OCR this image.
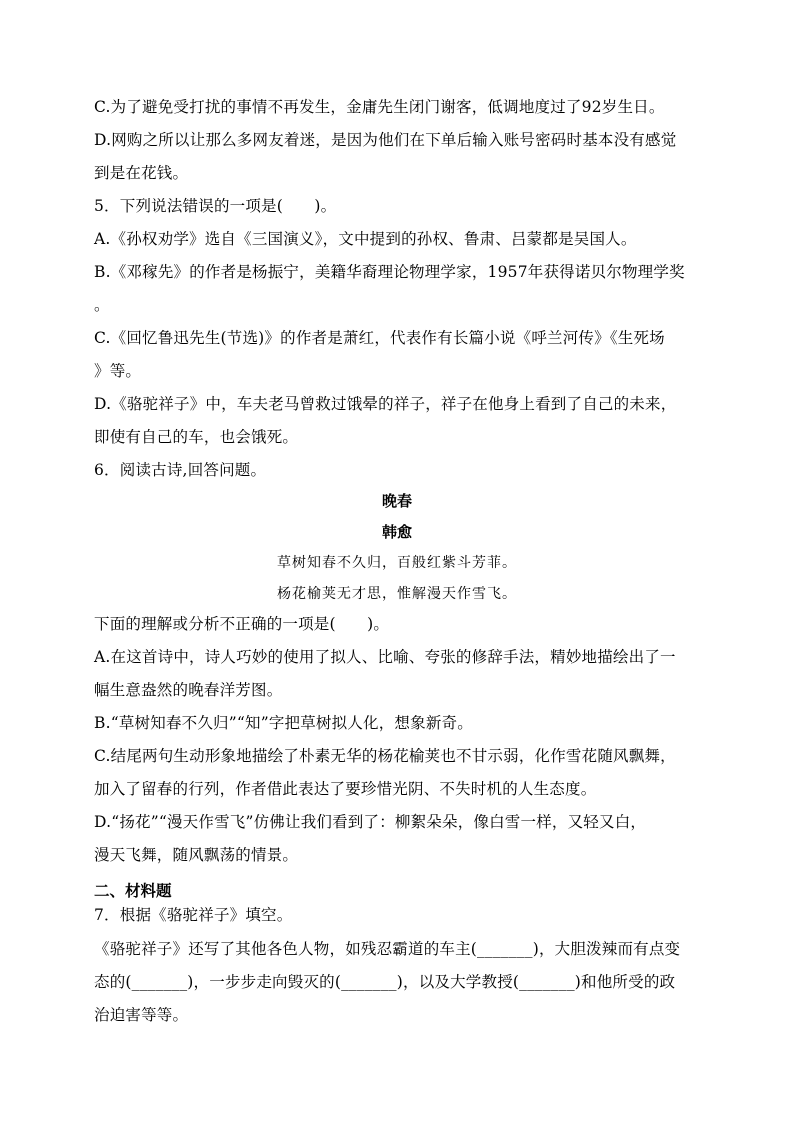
C.为了避免受打扰的事情不再发生，金庸先生闭门谢客，低调地度过了92岁生日。
D.网购之所以让那么多网友着迷，是因为他们在下单后输入账号密码时基本没有感觉
到是在花钱。
5．下列说法错误的一项是(　　)。
A.《孙权劝学》选自《三国演义》，文中提到的孙权、鲁肃、吕蒙都是吴国人。
B.《邓稼先》的作者是杨振宁，美籍华裔理论物理学家，1957年获得诺贝尔物理学奖
。
C.《回忆鲁迅先生(节选)》的作者是萧红，代表作有长篇小说《呼兰河传》《生死场
》等。
D.《骆驼祥子》中，车夫老马曾救过饿晕的祥子，祥子在他身上看到了自己的未来，
即使有自己的车，也会饿死。
6．阅读古诗,回答问题。
晚春
韩愈
草树知春不久归，百般红紫斗芳菲。
杨花榆荚无才思，惟解漫天作雪飞。
下面的理解或分析不正确的一项是(　　)。
A.在这首诗中，诗人巧妙的使用了拟人、比喻、夸张的修辞手法，精妙地描绘出了一
幅生意盎然的晚春洋芳图。
B.“草树知春不久归”“知”字把草树拟人化，想象新奇。
C.结尾两句生动形象地描绘了朴素无华的杨花榆荚也不甘示弱，化作雪花随风飘舞，
加入了留春的行列，作者借此表达了要珍惜光阴、不失时机的人生态度。
D.“扬花”“漫天作雪飞”仿佛让我们看到了：柳絮朵朵，像白雪一样，又轻又白，
漫天飞舞，随风飘荡的情景。
二、材料题
7．根据《骆驼祥子》填空。
《骆驼祥子》还写了其他各色人物，如残忍霸道的车主(_______)，大胆泼辣而有点变
态的(_______)，一步步走向毁灭的(_______)，以及大学教授(_______)和他所受的政
治迫害等等。
